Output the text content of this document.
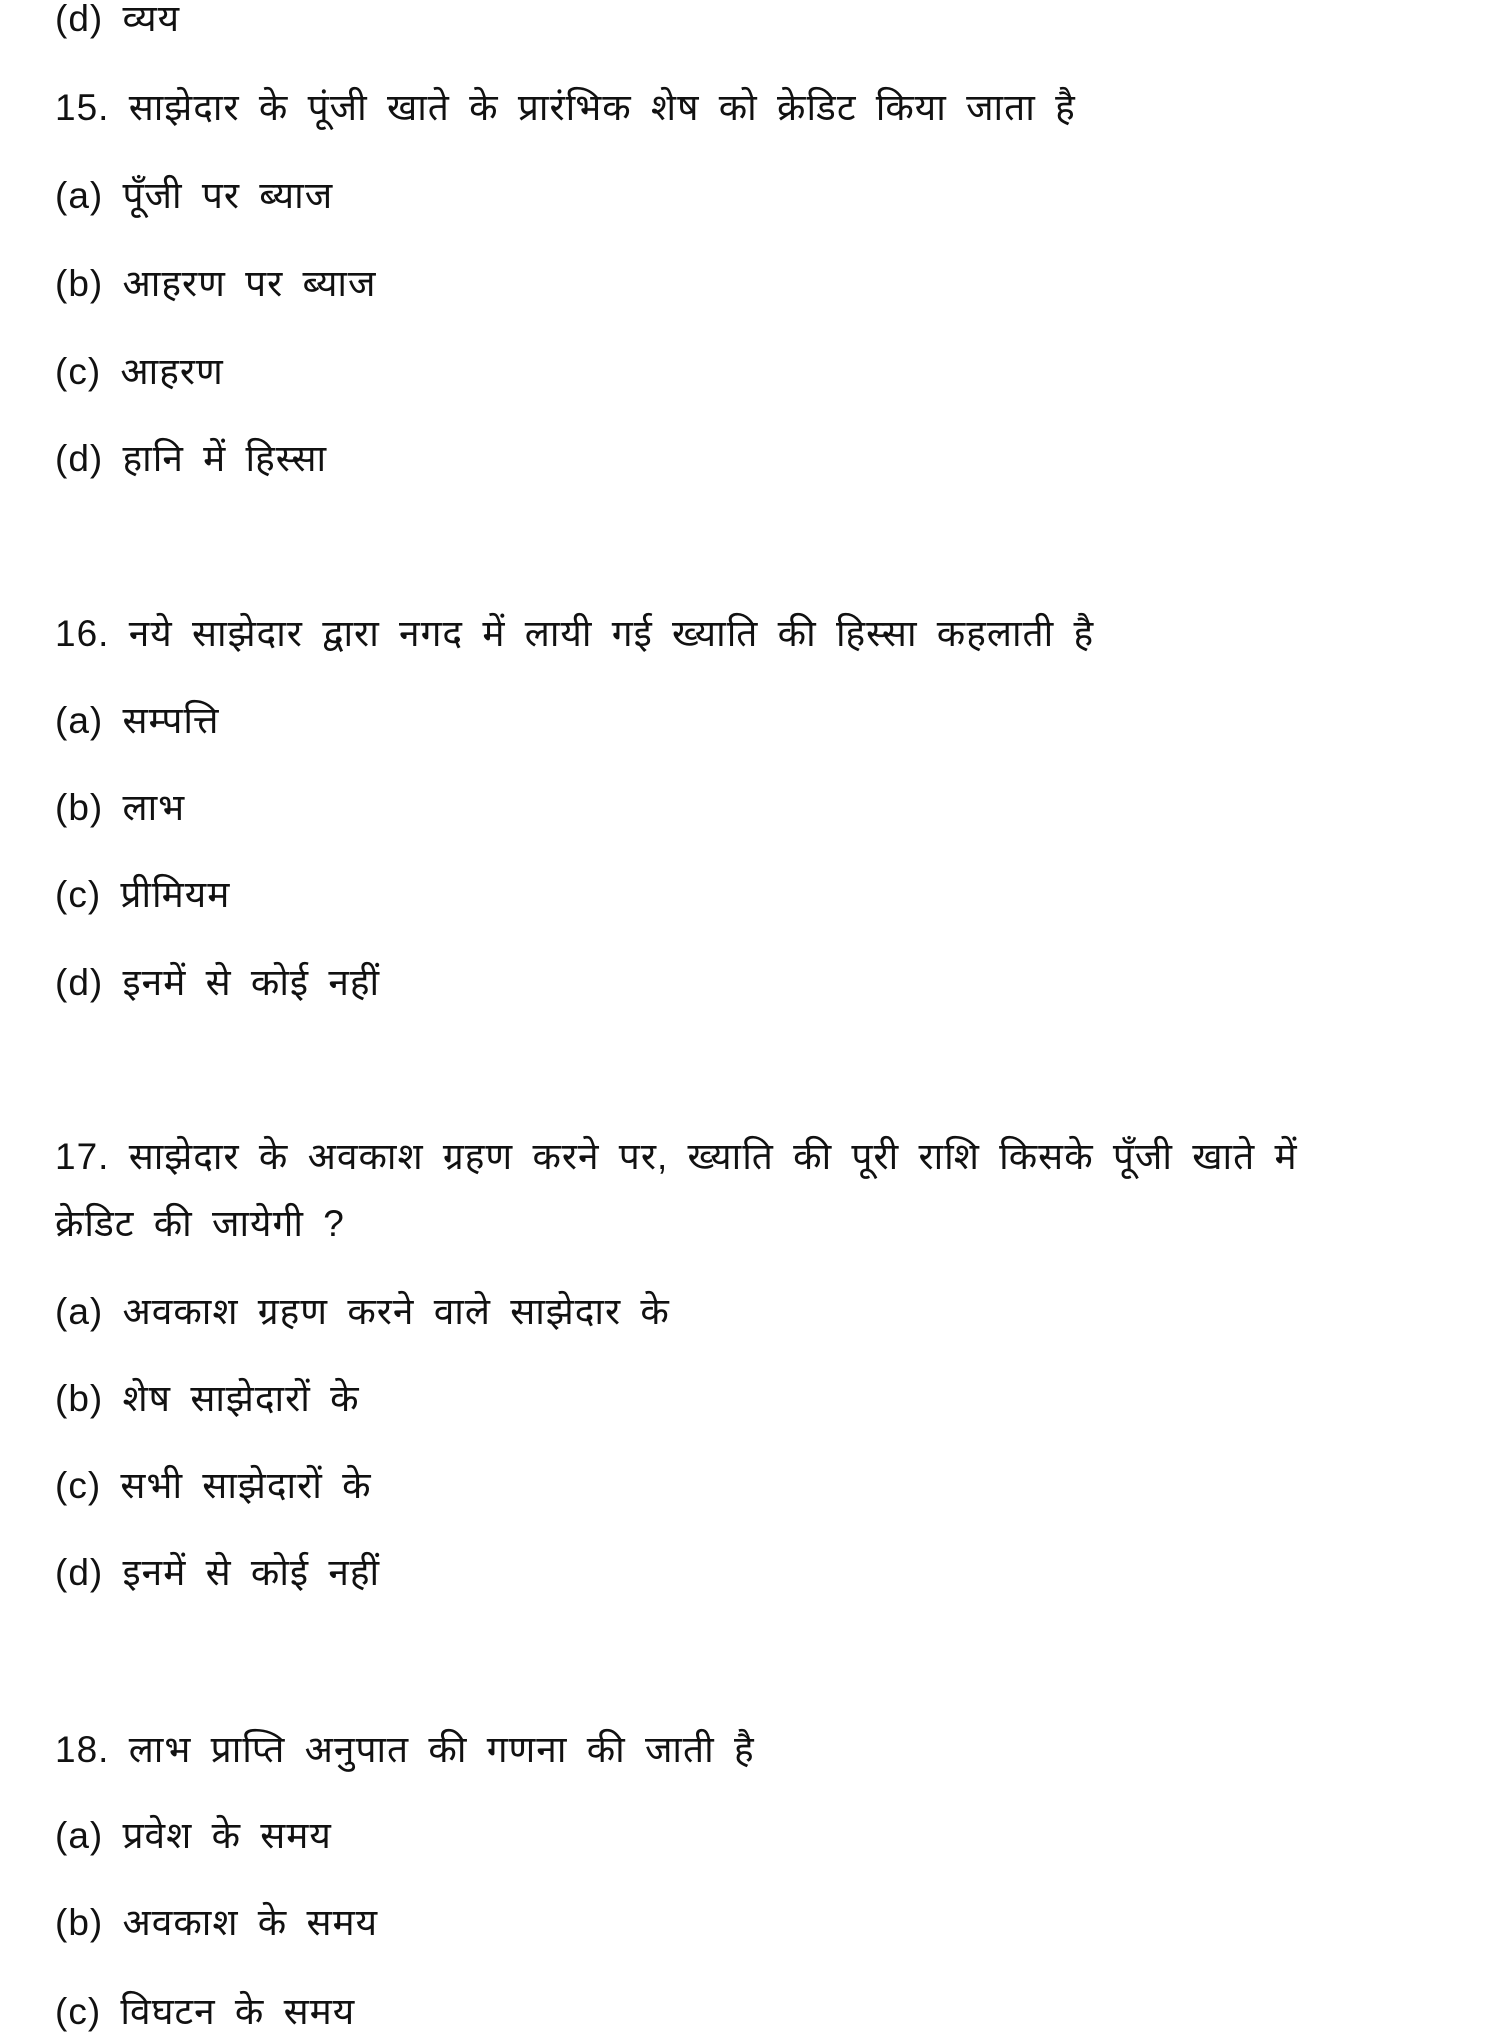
(d) व्यय
15. साझेदार के पूंजी खाते के प्रारंभिक शेष को क्रेडिट किया जाता है
(a) पूँजी पर ब्याज
(b) आहरण पर ब्याज
(c) आहरण
(d) हानि में हिस्सा
16. नये साझेदार द्वारा नगद में लायी गई ख्याति की हिस्सा कहलाती है
(a) सम्पत्ति
(b) लाभ
(c) प्रीमियम
(d) इनमें से कोई नहीं
17. साझेदार के अवकाश ग्रहण करने पर, ख्याति की पूरी राशि किसके पूँजी खाते में
क्रेडिट की जायेगी ?
(a) अवकाश ग्रहण करने वाले साझेदार के
(b) शेष साझेदारों के
(c) सभी साझेदारों के
(d) इनमें से कोई नहीं
18. लाभ प्राप्ति अनुपात की गणना की जाती है
(a) प्रवेश के समय
(b) अवकाश के समय
(c) विघटन के समय
